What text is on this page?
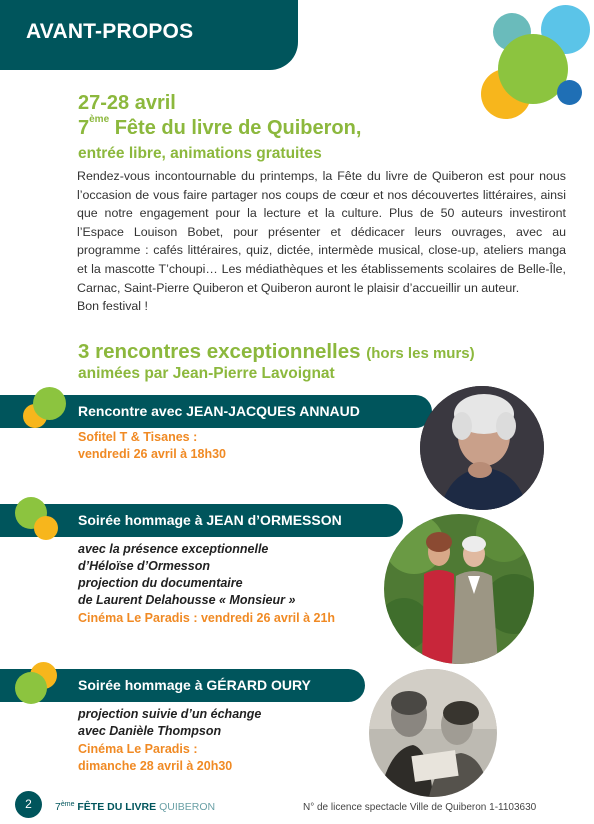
AVANT-PROPOS
27-28 avril
7ème Fête du livre de Quiberon,
entrée libre, animations gratuites
Rendez-vous incontournable du printemps, la Fête du livre de Quiberon est pour nous l’occasion de vous faire partager nos coups de cœur et nos découvertes littéraires, ainsi que notre engagement pour la lecture et la culture. Plus de 50 auteurs investiront l’Espace Louison Bobet, pour présenter et dédicacer leurs ouvrages, avec au programme : cafés littéraires, quiz, dictée, intermède musical, close-up, ateliers manga et la mascotte T’choupi… Les médiathèques et les établissements scolaires de Belle-Île, Carnac, Saint-Pierre Quiberon et Quiberon auront le plaisir d’accueillir un auteur.
Bon festival !
3 rencontres exceptionnelles (hors les murs)
animées par Jean-Pierre Lavoignat
Rencontre avec JEAN-JACQUES ANNAUD
Sofitel T & Tisanes :
vendredi 26 avril à 18h30
Soirée hommage à JEAN d’ORMESSON
avec la présence exceptionnelle
d’Héloïse d’Ormesson
projection du documentaire
de Laurent Delahousse « Monsieur »
Cinéma Le Paradis : vendredi 26 avril à 21h
Soirée hommage à GÉRARD OURY
projection suivie d’un échange
avec Danièle Thompson
Cinéma Le Paradis :
dimanche 28 avril à 20h30
2	7ème FÊTE DU LIVRE QUIBERON	N° de licence spectacle Ville de Quiberon 1-1103630
